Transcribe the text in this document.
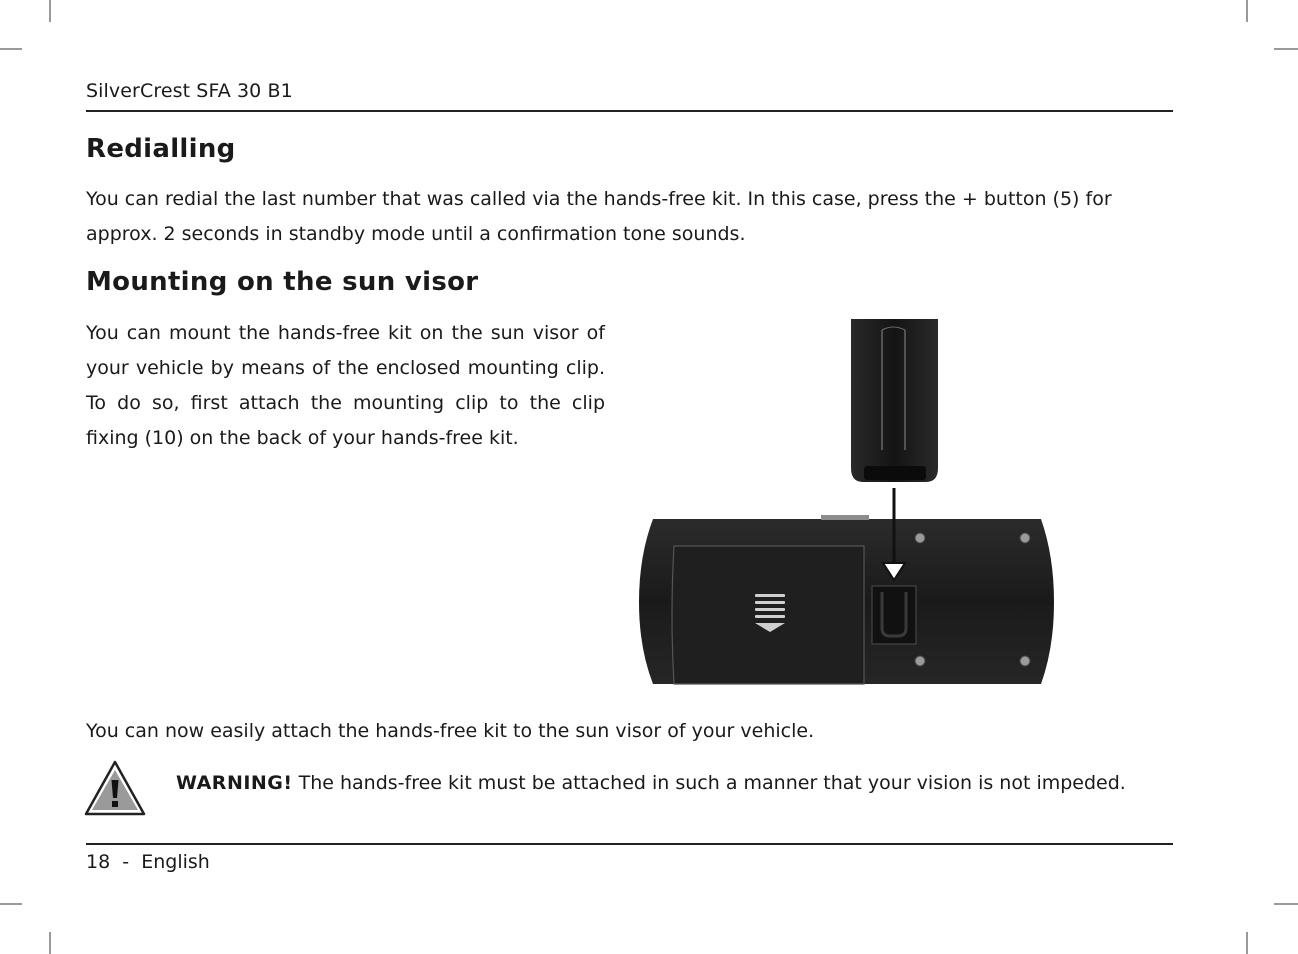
SilverCrest SFA 30 B1
Redialling

You can redial the last number that was called via the hands-free kit. In this case, press the + button (5) for approx. 2 seconds in standby mode until a confirmation tone sounds.

Mounting on the sun visor

You can mount the hands-free kit on the sun visor of your vehicle by means of the enclosed mounting clip. To do so, first attach the mounting clip to the clip fixing (10) on the back of your hands-free kit.

You can now easily attach the hands-free kit to the sun visor of your vehicle.

WARNING! The hands-free kit must be attached in such a manner that your vision is not impeded.
18 - English
